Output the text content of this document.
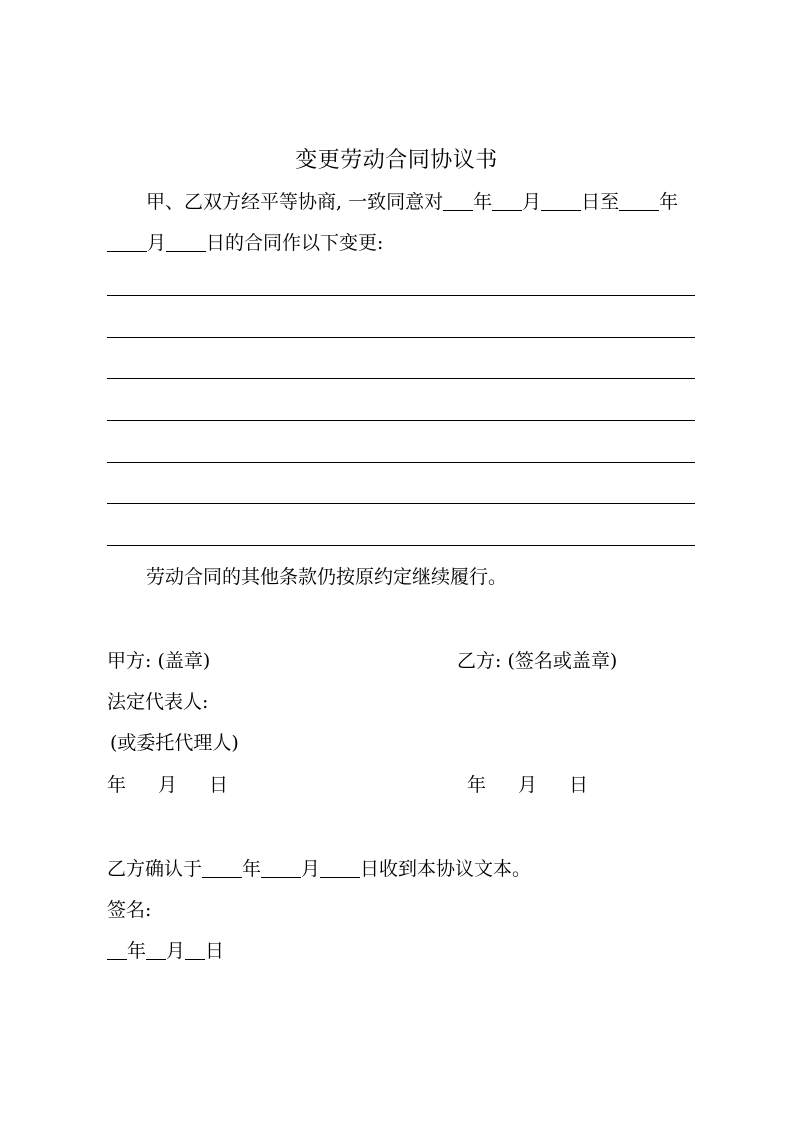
变更劳动合同协议书
甲、乙双方经平等协商, 一致同意对 年 月 日至 年
月 日的合同作以下变更:
劳动合同的其他条款仍按原约定继续履行。
甲方: (盖章)	乙方: (签名或盖章)
法定代表人:
(或委托代理人)
年 月 日	年 月 日
乙方确认于 年 月 日收到本协议文本。
签名:
年 月 日
